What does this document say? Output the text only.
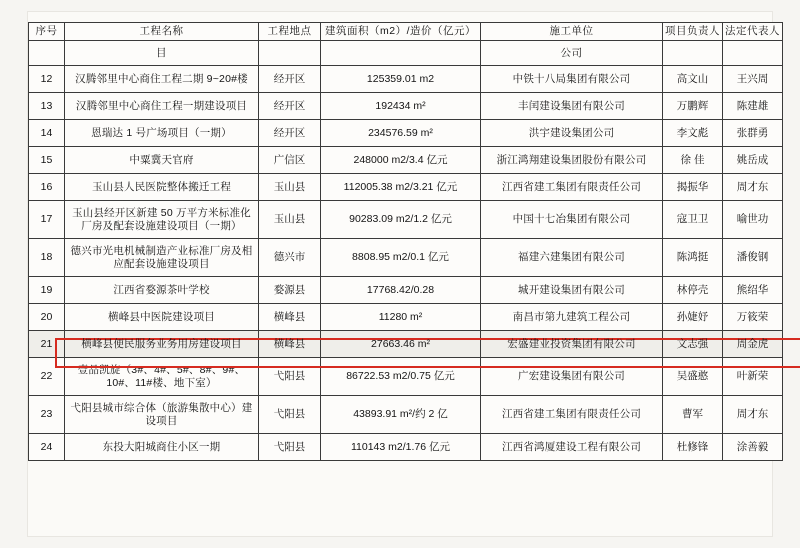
序号	工程名称	工程地点	建筑面积（m2）/造价（亿元）	施工单位	项目负责人	法定代表人
	目			公司		
12	汉腾邻里中心商住工程二期 9~20#楼	经开区	125359.01 m2	中铁十八局集团有限公司	高文山	王兴周
13	汉腾邻里中心商住工程一期建设项目	经开区	192434 m²	丰闰建设集团有限公司	万鹏辉	陈建雄
14	恩瑞达 1 号广场项目（一期）	经开区	234576.59 m²	洪宇建设集团公司	李文彪	张群勇
15	中粟冀天官府	广信区	248000 m2/3.4 亿元	浙江鸿翔建设集团股份有限公司	徐 佳	姚岳成
16	玉山县人民医院整体搬迁工程	玉山县	112005.38 m2/3.21 亿元	江西省建工集团有限责任公司	揭振华	周才东
17	玉山县经开区新建 50 万平方米标准化厂房及配套设施建设项目（一期）	玉山县	90283.09 m2/1.2 亿元	中国十七冶集团有限公司	寇卫卫	喻世功
18	德兴市光电机械制造产业标准厂房及相应配套设施建设项目	德兴市	8808.95 m2/0.1 亿元	福建六建集团有限公司	陈鸿挺	潘俊钢
19	江西省婺源茶叶学校	婺源县	17768.42/0.28	城开建设集团有限公司	林停壳	熊绍华
20	横峰县中医院建设项目	横峰县	11280 m²	南昌市第九建筑工程公司	孙婕妤	万筱荣
21	横峰县便民服务业务用房建设项目	横峰县	27663.46 m²	宏盛建业投资集团有限公司	文志强	周金虎
22	壹品凯旋（3#、4#、5#、8#、9#、10#、11#楼、地下室）	弋阳县	86722.53 m2/0.75 亿元	广宏建设集团有限公司	吴盛憨	叶新荣
23	弋阳县城市综合体（旅游集散中心）建设项目	弋阳县	43893.91 m²/约 2 亿	江西省建工集团有限责任公司	曹军	周才东
24	东投大阳城商住小区一期	弋阳县	110143 m2/1.76 亿元	江西省鸿厦建设工程有限公司	杜修锋	涂善毅
